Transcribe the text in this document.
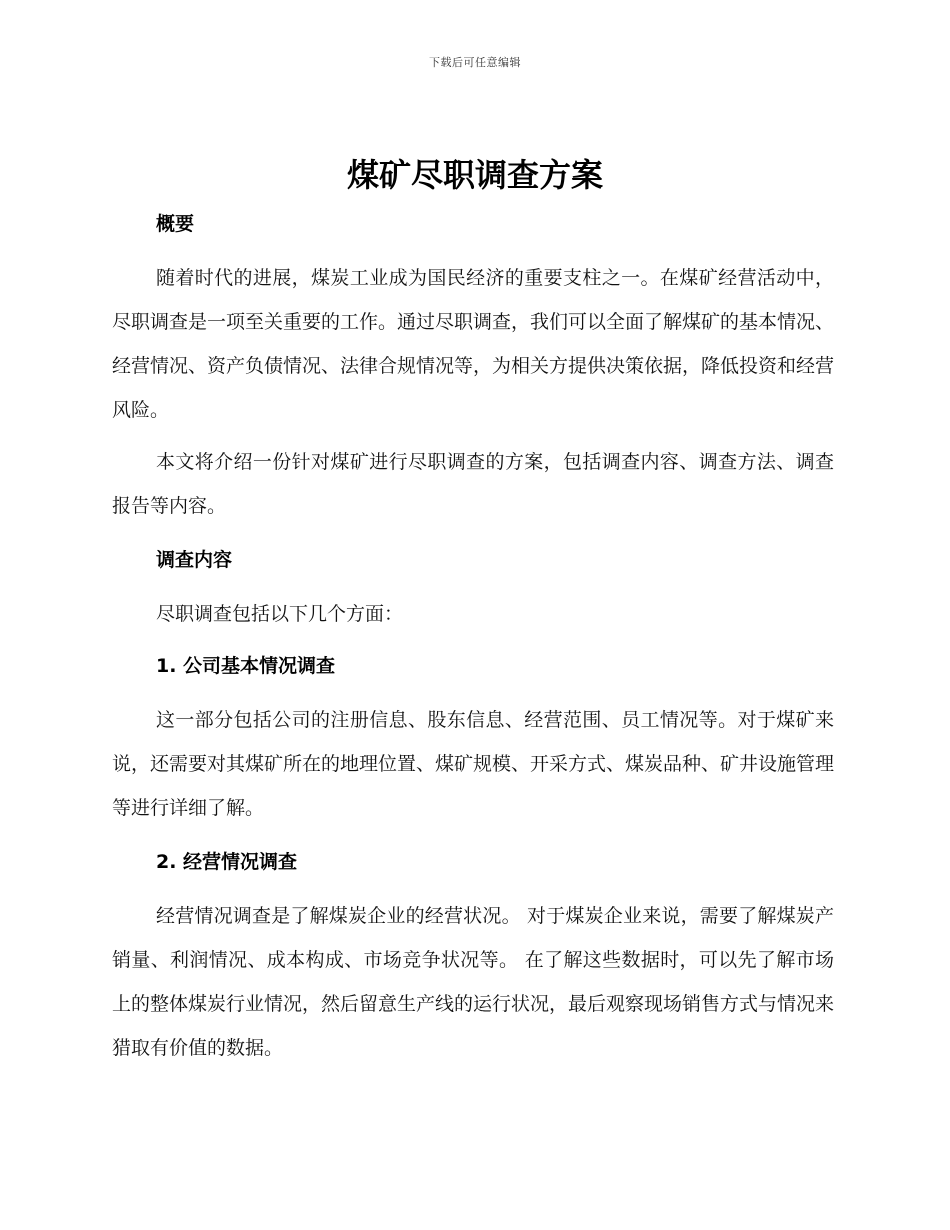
下载后可任意编辑
煤矿尽职调查方案
概要

随着时代的进展，煤炭工业成为国民经济的重要支柱之一。在煤矿经营活动中，尽职调查是一项至关重要的工作。通过尽职调查，我们可以全面了解煤矿的基本情况、经营情况、资产负债情况、法律合规情况等，为相关方提供决策依据，降低投资和经营风险。

本文将介绍一份针对煤矿进行尽职调查的方案，包括调查内容、调查方法、调查报告等内容。

调查内容

尽职调查包括以下几个方面：

1. 公司基本情况调查

这一部分包括公司的注册信息、股东信息、经营范围、员工情况等。对于煤矿来说，还需要对其煤矿所在的地理位置、煤矿规模、开采方式、煤炭品种、矿井设施管理等进行详细了解。

2. 经营情况调查

经营情况调查是了解煤炭企业的经营状况。 对于煤炭企业来说，需要了解煤炭产销量、利润情况、成本构成、市场竞争状况等。 在了解这些数据时，可以先了解市场上的整体煤炭行业情况，然后留意生产线的运行状况，最后观察现场销售方式与情况来猎取有价值的数据。
